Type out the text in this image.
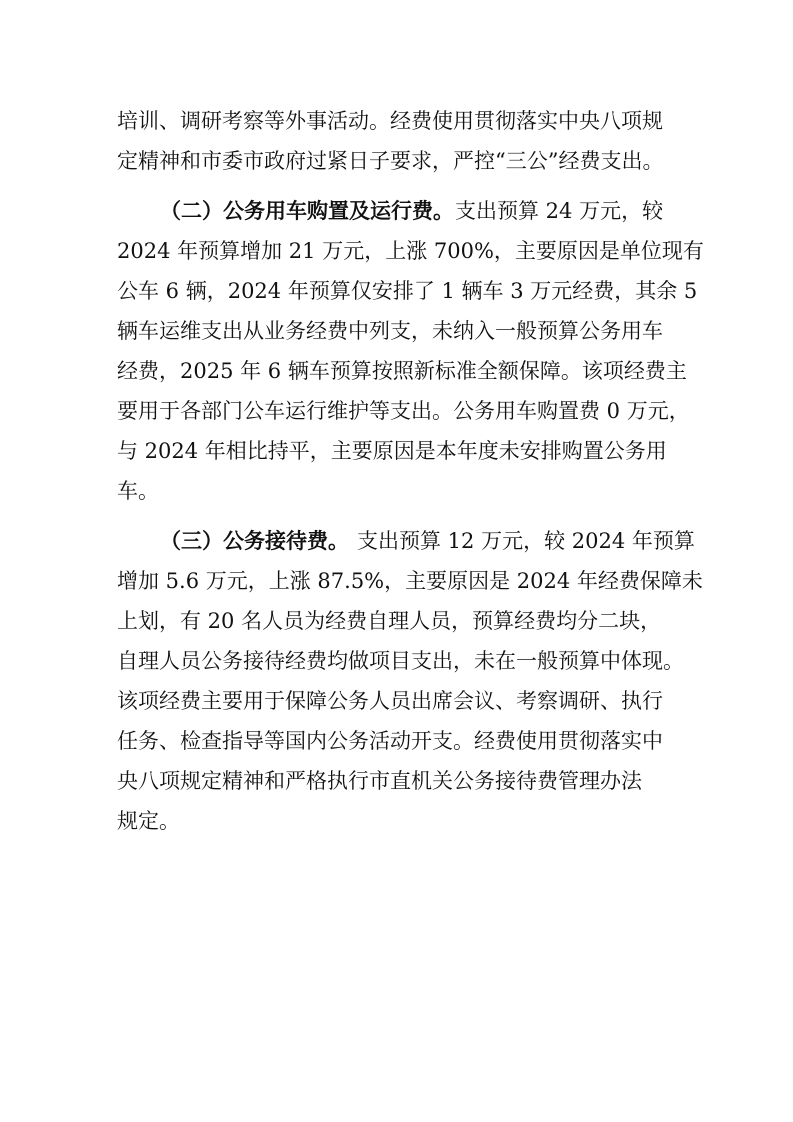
培训、调研考察等外事活动。经费使用贯彻落实中央八项规
定精神和市委市政府过紧日子要求，严控“三公”经费支出。
（二）公务用车购置及运行费。 支出预算 24 万元，较
2024 年预算增加 21 万元，上涨 700%，主要原因是单位现有
公车 6 辆，2024 年预算仅安排了 1 辆车 3 万元经费，其余 5
辆车运维支出从业务经费中列支，未纳入一般预算公务用车
经费，2025 年 6 辆车预算按照新标准全额保障。该项经费主
要用于各部门公车运行维护等支出。公务用车购置费 0 万元，
与 2024 年相比持平，主要原因是本年度未安排购置公务用
车。
（三）公务接待费。 支出预算 12 万元，较 2024 年预算
增加 5.6 万元，上涨 87.5%，主要原因是 2024 年经费保障未
上划，有 20 名人员为经费自理人员，预算经费均分二块，
自理人员公务接待经费均做项目支出，未在一般预算中体现。
该项经费主要用于保障公务人员出席会议、考察调研、执行
任务、检查指导等国内公务活动开支。经费使用贯彻落实中
央八项规定精神和严格执行市直机关公务接待费管理办法
规定。
